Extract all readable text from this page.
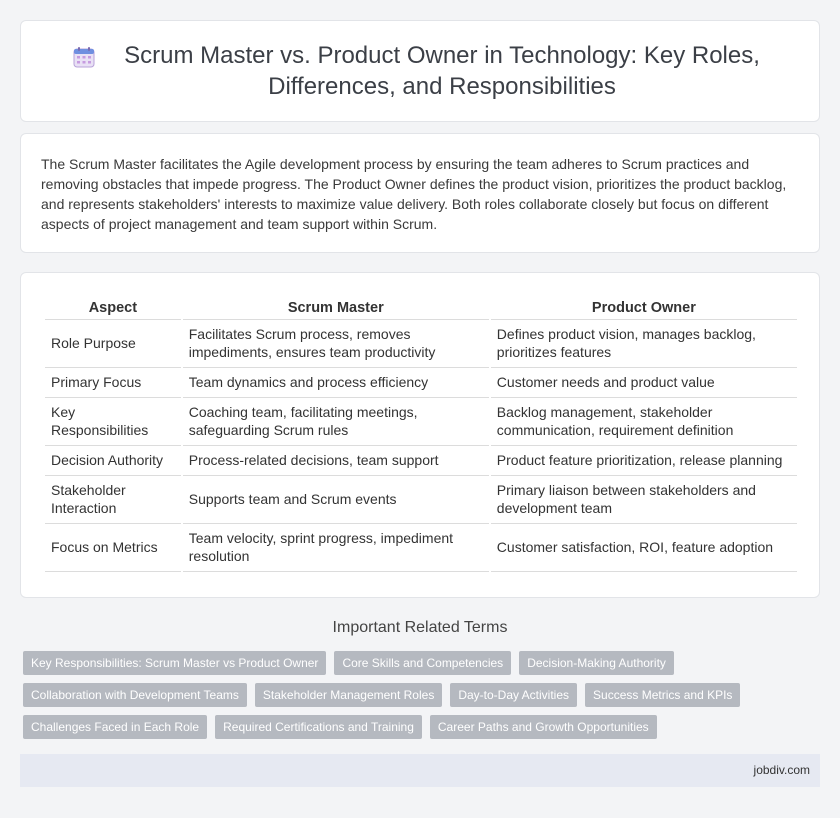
Scrum Master vs. Product Owner in Technology: Key Roles, Differences, and Responsibilities

The Scrum Master facilitates the Agile development process by ensuring the team adheres to Scrum practices and removing obstacles that impede progress. The Product Owner defines the product vision, prioritizes the product backlog, and represents stakeholders' interests to maximize value delivery. Both roles collaborate closely but focus on different aspects of project management and team support within Scrum.

Aspect	Scrum Master	Product Owner
Role Purpose	Facilitates Scrum process, removes impediments, ensures team productivity	Defines product vision, manages backlog, prioritizes features
Primary Focus	Team dynamics and process efficiency	Customer needs and product value
Key Responsibilities	Coaching team, facilitating meetings, safeguarding Scrum rules	Backlog management, stakeholder communication, requirement definition
Decision Authority	Process-related decisions, team support	Product feature prioritization, release planning
Stakeholder Interaction	Supports team and Scrum events	Primary liaison between stakeholders and development team
Focus on Metrics	Team velocity, sprint progress, impediment resolution	Customer satisfaction, ROI, feature adoption
Important Related Terms
Key Responsibilities: Scrum Master vs Product Owner	Core Skills and Competencies	Decision-Making Authority
Collaboration with Development Teams	Stakeholder Management Roles	Day-to-Day Activities	Success Metrics and KPIs
Challenges Faced in Each Role	Required Certifications and Training	Career Paths and Growth Opportunities
jobdiv.com
